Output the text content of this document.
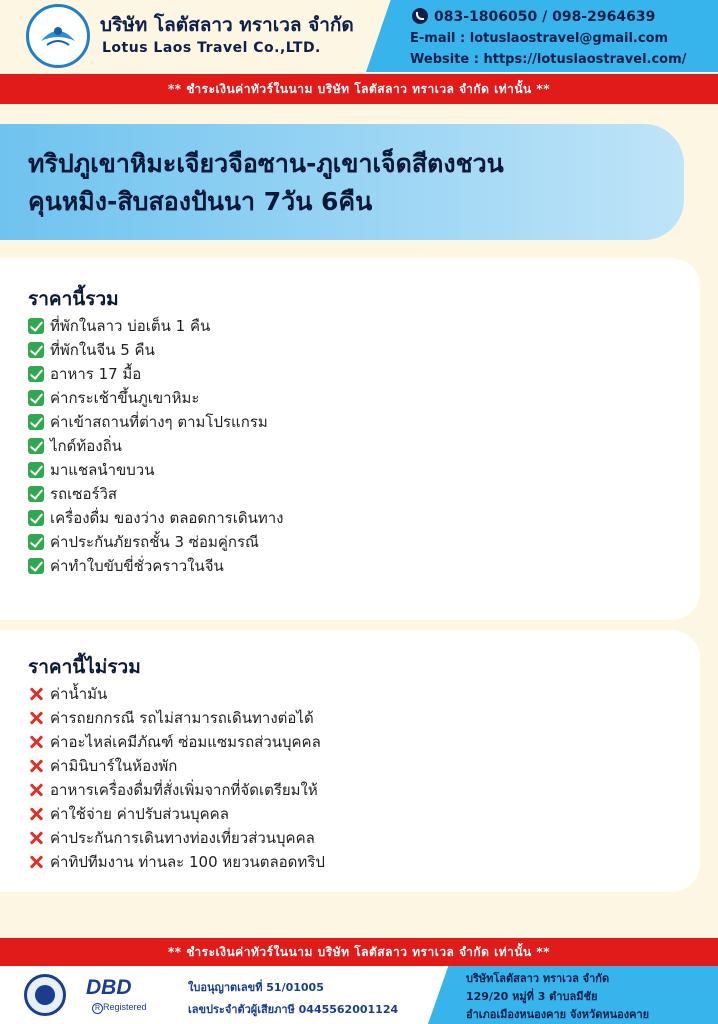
บริษัท โลตัสลาว ทราเวล จำกัด
Lotus Laos Travel Co.,LTD.
083-1806050 / 098-2964639
E-mail : lotuslaostravel@gmail.com
Website : https://lotuslaostravel.com/
** ชำระเงินค่าทัวร์ในนาม บริษัท โลตัสลาว ทราเวล จำกัด เท่านั้น **
ทริปภูเขาหิมะเจียวจือซาน-ภูเขาเจ็ดสีตงชวน
คุนหมิง-สิบสองปันนา 7วัน 6คืน
ราคานี้รวม
ที่พักในลาว บ่อเต็น 1 คืน
ที่พักในจีน 5 คืน
อาหาร 17 มื้อ
ค่ากระเช้าขึ้นภูเขาหิมะ
ค่าเข้าสถานที่ต่างๆ ตามโปรแกรม
ไกด์ท้องถิ่น
มาแชลนำขบวน
รถเซอร์วิส
เครื่องดื่ม ของว่าง ตลอดการเดินทาง
ค่าประกันภัยรถชั้น 3 ซ่อมคู่กรณี
ค่าทำใบขับขี่ชั่วคราวในจีน
ราคานี้ไม่รวม
ค่าน้ำมัน
ค่ารถยกกรณี รถไม่สามารถเดินทางต่อได้
ค่าอะไหล่เคมีภัณฑ์ ซ่อมแซมรถส่วนบุคคล
ค่ามินิบาร์ในห้องพัก
อาหารเครื่องดื่มที่สั่งเพิ่มจากที่จัดเตรียมให้
ค่าใช้จ่าย ค่าปรับส่วนบุคคล
ค่าประกันการเดินทางท่องเที่ยวส่วนบุคคล
ค่าทิปทีมงาน ท่านละ 100 หยวนตลอดทริป
** ชำระเงินค่าทัวร์ในนาม บริษัท โลตัสลาว ทราเวล จำกัด เท่านั้น **
DBD
R Registered
ใบอนุญาตเลขที่ 51/01005
เลขประจำตัวผู้เสียภาษี 0445562001124
บริษัทโลตัสลาว ทราเวล จำกัด
129/20 หมู่ที่ 3 ตำบลมีชัย
อำเภอเมืองหนองคาย จังหวัดหนองคาย
